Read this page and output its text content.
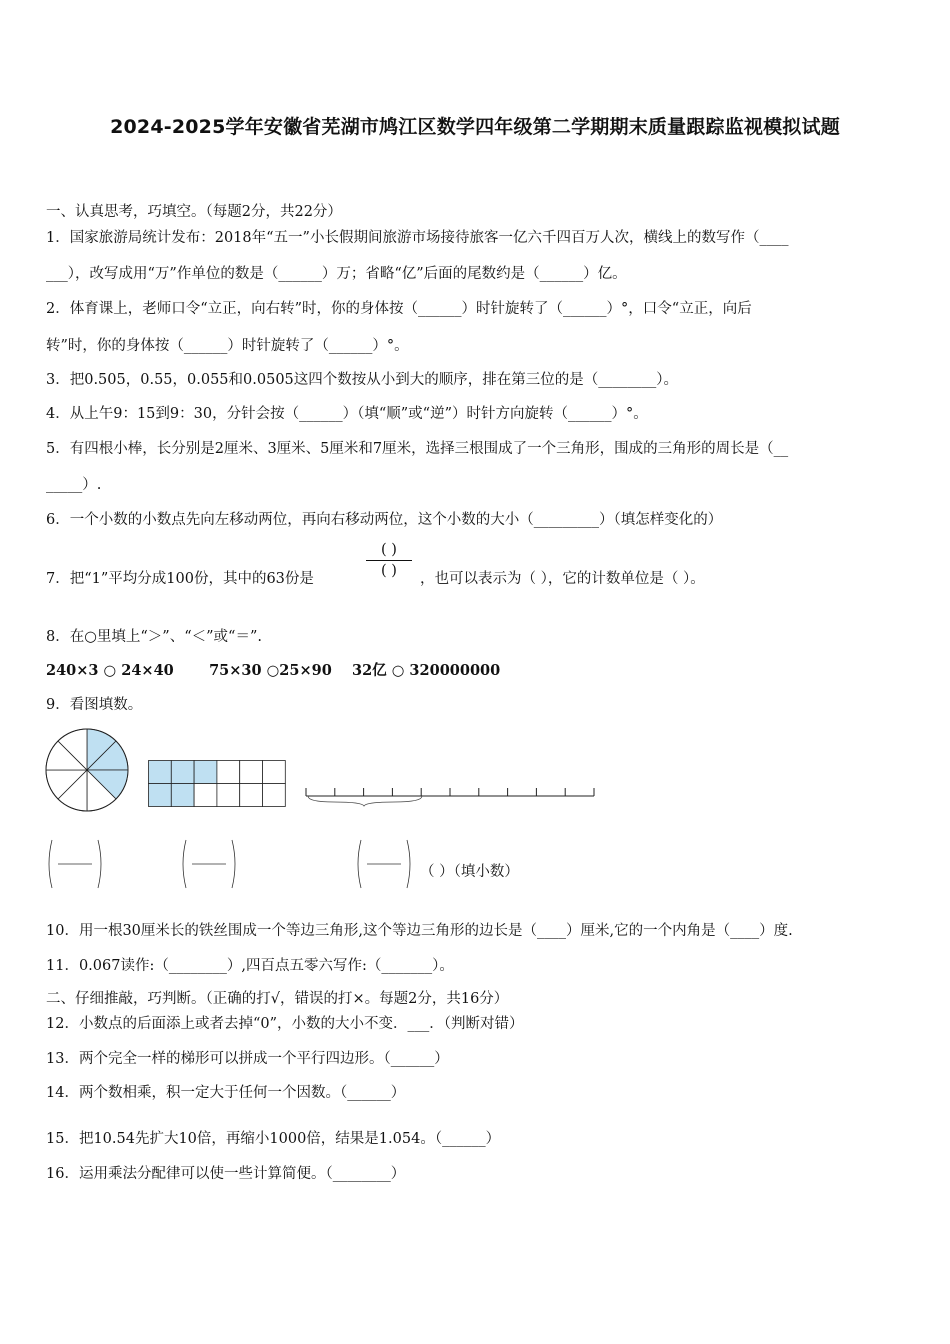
2024-2025学年安徽省芜湖市鸠江区数学四年级第二学期期末质量跟踪监视模拟试题
一、认真思考，巧填空。（每题2分，共22分）
1．国家旅游局统计发布：2018年“五一”小长假期间旅游市场接待旅客一亿六千四百万人次，横线上的数写作（____
___），改写成用“万”作单位的数是（______）万；省略“亿”后面的尾数约是（______）亿。
2．体育课上，老师口令“立正，向右转”时，你的身体按（______）时针旋转了（______）°，口令“立正，向后
转”时，你的身体按（______）时针旋转了（______）°。
3．把0.505，0.55，0.055和0.0505这四个数按从小到大的顺序，排在第三位的是（________）。
4．从上午9：15到9：30，分针会按（______）（填“顺”或“逆”）时针方向旋转（______）°。
5．有四根小棒，长分别是2厘米、3厘米、5厘米和7厘米，选择三根围成了一个三角形，围成的三角形的周长是（__
_____）.
6．一个小数的小数点先向左移动两位，再向右移动两位，这个小数的大小（_________）（填怎样变化的）
7．把“1”平均分成100份，其中的63份是
( )
( )	，也可以表示为（ ），它的计数单位是（ ）。
8．在○里填上“＞”、“＜”或“＝”.
240×3 ○ 24×40       75×30 ○25×90    32亿 ○ 320000000
9．看图填数。
（ ）（填小数）
10．用一根30厘米长的铁丝围成一个等边三角形,这个等边三角形的边长是（____）厘米,它的一个内角是（____）度.
11．0.067读作:（________）,四百点五零六写作:（_______）。
二、仔细推敲，巧判断。（正确的打√，错误的打×。每题2分，共16分）
12．小数点的后面添上或者去掉“0”，小数的大小不变．___．（判断对错）
13．两个完全一样的梯形可以拼成一个平行四边形。（______）
14．两个数相乘，积一定大于任何一个因数。（______）
15．把10.54先扩大10倍，再缩小1000倍，结果是1.054。（______）
16．运用乘法分配律可以使一些计算简便。（________）
